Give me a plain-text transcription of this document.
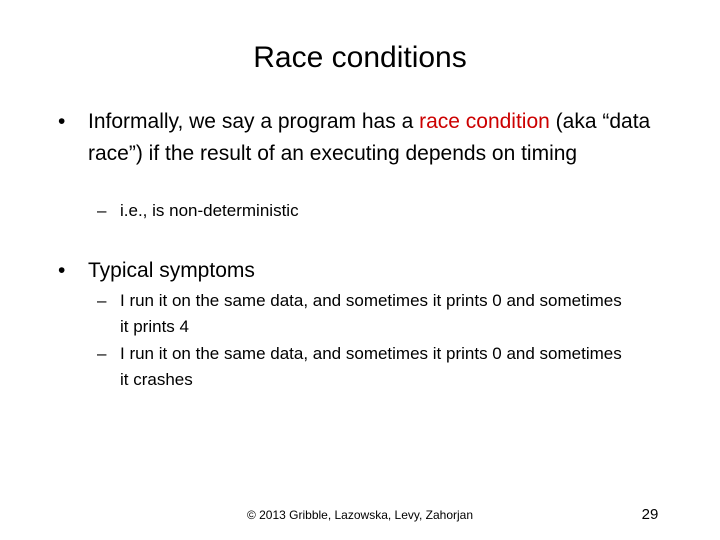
Race conditions
• Informally, we say a program has a race condition (aka “data race”) if the result of an executing depends on timing
– i.e., is non-deterministic
• Typical symptoms
– I run it on the same data, and sometimes it prints 0 and sometimes it prints 4
– I run it on the same data, and sometimes it prints 0 and sometimes it crashes
© 2013 Gribble, Lazowska, Levy, Zahorjan	29
